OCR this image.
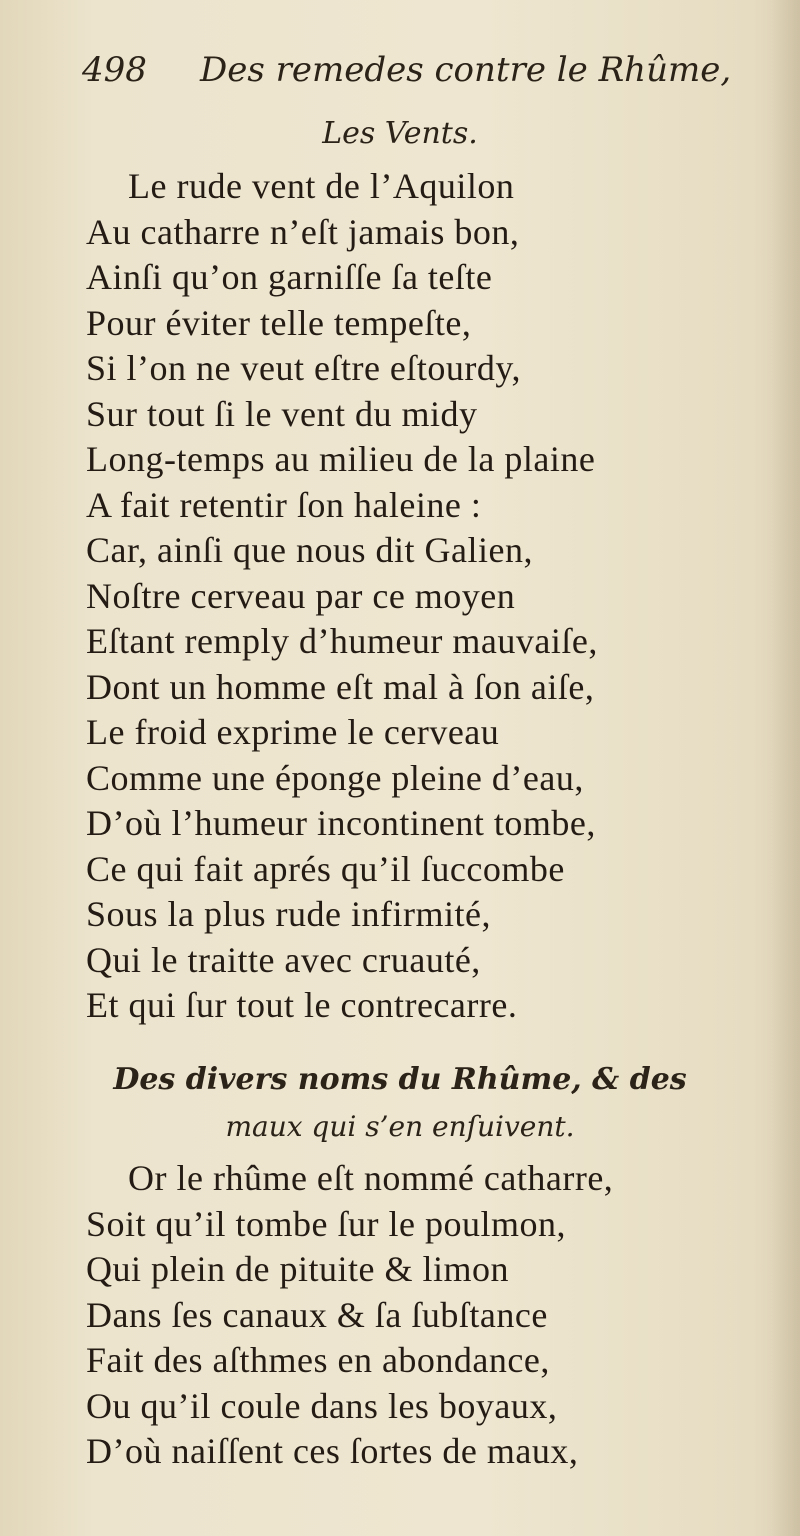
498 Des remedes contre le Rhûme,
Les Vents.
Le rude vent de l’Aquilon
Au catharre n’eſt jamais bon,
Ainſi qu’on garniſſe ſa teſte
Pour éviter telle tempeſte,
Si l’on ne veut eſtre eſtourdy,
Sur tout ſi le vent du midy
Long-temps au milieu de la plaine
A fait retentir ſon haleine :
Car, ainſi que nous dit Galien,
Noſtre cerveau par ce moyen
Eſtant remply d’humeur mauvaiſe,
Dont un homme eſt mal à ſon aiſe,
Le froid exprime le cerveau
Comme une éponge pleine d’eau,
D’où l’humeur incontinent tombe,
Ce qui fait aprés qu’il ſuccombe
Sous la plus rude infirmité,
Qui le traitte avec cruauté,
Et qui ſur tout le contrecarre.
Des divers noms du Rhûme, & des
maux qui s’en enſuivent.
Or le rhûme eſt nommé catharre,
Soit qu’il tombe ſur le poulmon,
Qui plein de pituite & limon
Dans ſes canaux & ſa ſubſtance
Fait des aſthmes en abondance,
Ou qu’il coule dans les boyaux,
D’où naiſſent ces ſortes de maux,
